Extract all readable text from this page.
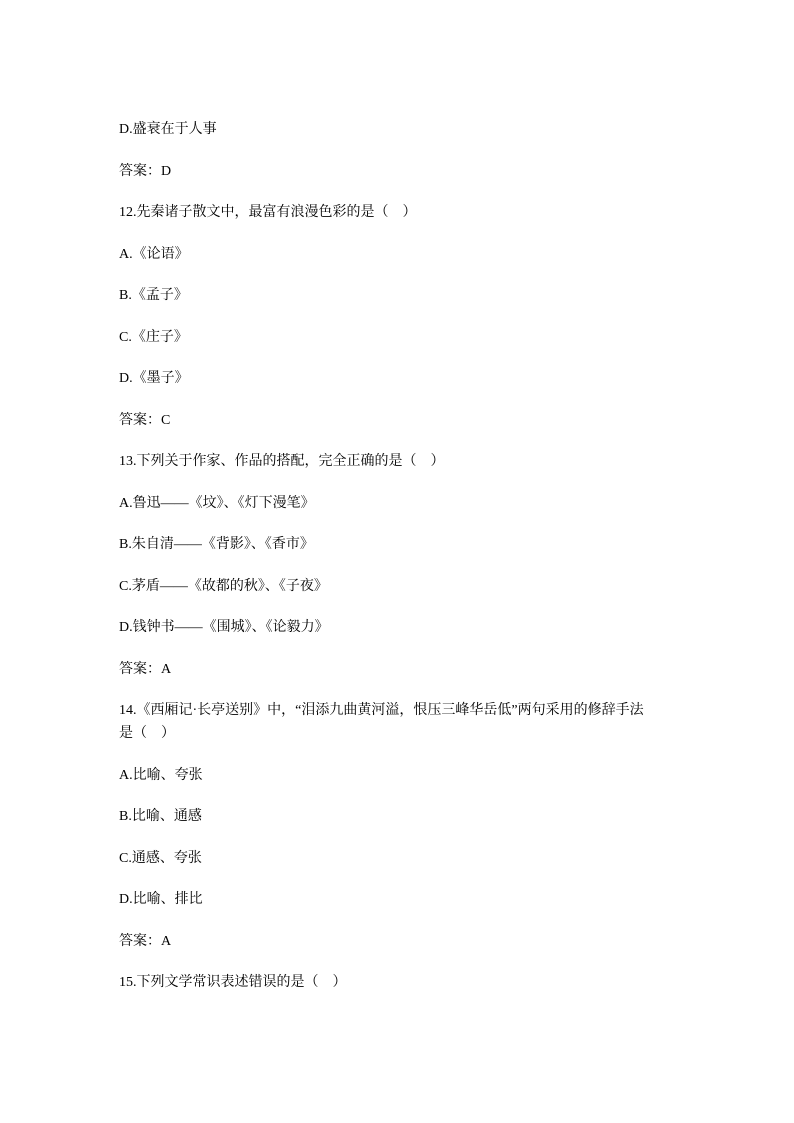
D.盛衰在于人事

答案：D

12.先秦诸子散文中，最富有浪漫色彩的是（　）

A.《论语》

B.《孟子》

C.《庄子》

D.《墨子》

答案：C

13.下列关于作家、作品的搭配，完全正确的是（　）

A.鲁迅——《坟》、《灯下漫笔》

B.朱自清——《背影》、《香市》

C.茅盾——《故都的秋》、《子夜》

D.钱钟书——《围城》、《论毅力》

答案：A

14.《西厢记·长亭送别》中，“泪添九曲黄河溢，恨压三峰华岳低”两句采用的修辞手法

是（　）

A.比喻、夸张

B.比喻、通感

C.通感、夸张

D.比喻、排比

答案：A

15.下列文学常识表述错误的是（　）
